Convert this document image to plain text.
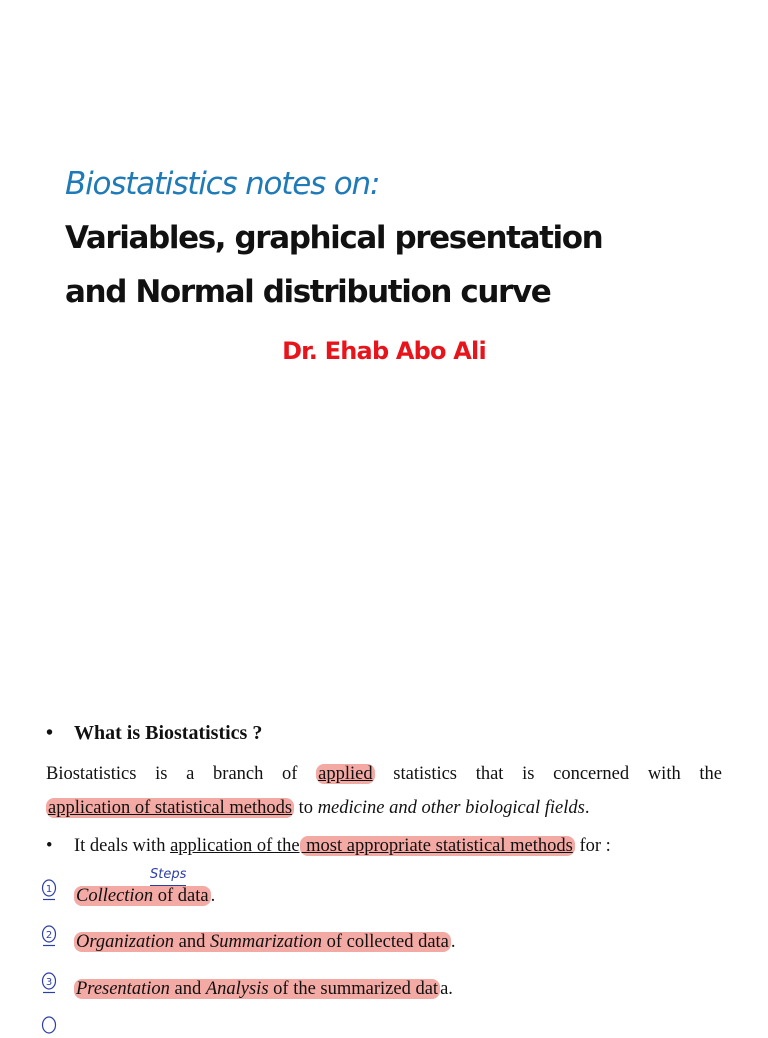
Biostatistics notes on:
Variables, graphical presentation
and Normal distribution curve
Dr. Ehab Abo Ali
• What is Biostatistics ?
Biostatistics is a branch of applied statistics that is concerned with the
application of statistical methods to medicine and other biological fields.
• It deals with application of the most appropriate statistical methods for :
Steps
1
2
3
Collection of data .
Organization and Summarization of collected data .
Presentation and Analysis of the summarized dat a.
